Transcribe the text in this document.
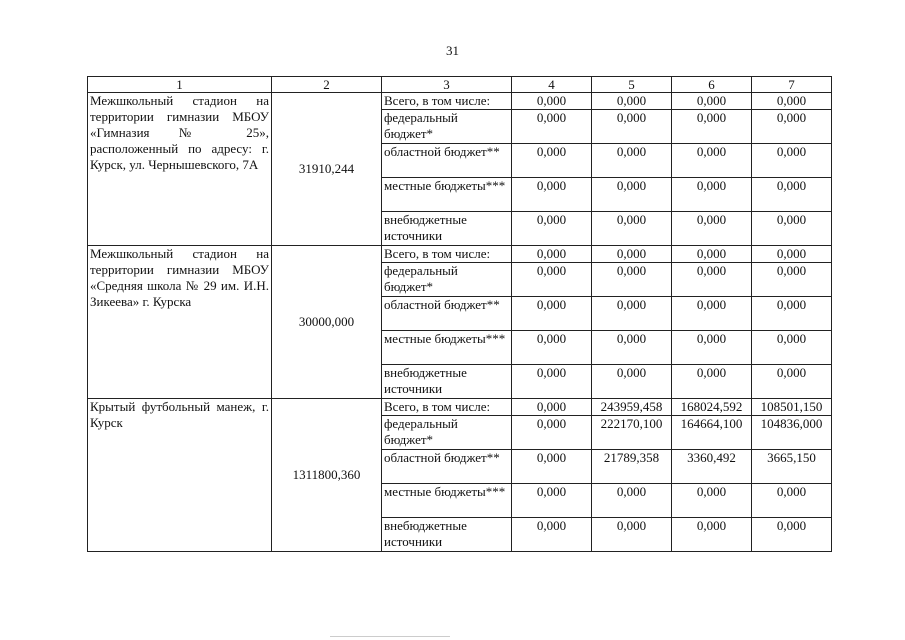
31
1	2	3	4	5	6	7
Межшкольный стадион на территории гимназии МБОУ «Гимназия № 25», расположенный по адресу: г. Курск, ул. Чернышевского, 7А	31910,244	Всего, в том числе:	0,000	0,000	0,000	0,000
		федеральный бюджет*	0,000	0,000	0,000	0,000
		областной бюджет**	0,000	0,000	0,000	0,000
		местные бюджеты***	0,000	0,000	0,000	0,000
		внебюджетные источники	0,000	0,000	0,000	0,000
Межшкольный стадион на территории гимназии МБОУ «Средняя школа № 29 им. И.Н. Зикеева» г. Курска	30000,000	Всего, в том числе:	0,000	0,000	0,000	0,000
		федеральный бюджет*	0,000	0,000	0,000	0,000
		областной бюджет**	0,000	0,000	0,000	0,000
		местные бюджеты***	0,000	0,000	0,000	0,000
		внебюджетные источники	0,000	0,000	0,000	0,000
Крытый футбольный манеж, г. Курск	1311800,360	Всего, в том числе:	0,000	243959,458	168024,592	108501,150
		федеральный бюджет*	0,000	222170,100	164664,100	104836,000
		областной бюджет**	0,000	21789,358	3360,492	3665,150
		местные бюджеты***	0,000	0,000	0,000	0,000
		внебюджетные источники	0,000	0,000	0,000	0,000
